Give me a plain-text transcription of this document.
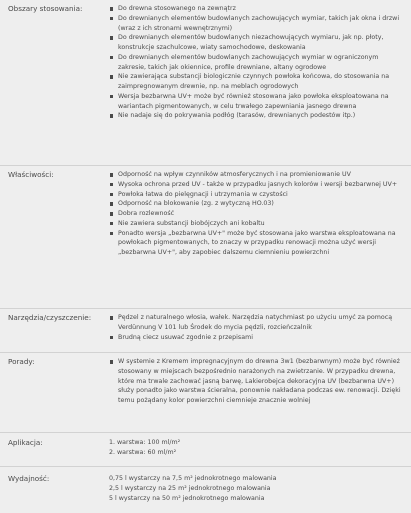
Obszary stosowania:	Do drewna stosowanego na zewnątrz
Do drewnianych elementów budowlanych zachowujących wymiar, takich jak okna i drzwi (wraz z ich stronami wewnętrznymi)
Do drewnianych elementów budowlanych niezachowujących wymiaru, jak np. płoty, konstrukcje szachulcowe, wiaty samochodowe, deskowania
Do drewnianych elementów budowlanych zachowujących wymiar w ograniczonym zakresie, takich jak okiennice, profile drewniane, altany ogrodowe
Nie zawierająca substancji biologicznie czynnych powłoka końcowa, do stosowania na zaimpregnowanym drewnie, np. na meblach ogrodowych
Wersja bezbarwna UV+ może być również stosowana jako powłoka eksploatowana na wariantach pigmentowanych, w celu trwałego zapewniania jasnego drewna
Nie nadaje się do pokrywania podłóg (tarasów, drewnianych podestów itp.)
Właściwości:	Odporność na wpływ czynników atmosferycznych i na promieniowanie UV
Wysoka ochrona przed UV - także w przypadku jasnych kolorów i wersji bezbarwnej UV+
Powłoka łatwa do pielęgnacji i utrzymania w czystości
Odporność na blokowanie (zg. z wytyczną HO.03)
Dobra rozlewność
Nie zawiera substancji biobójczych ani kobaltu
Ponadto wersja „bezbarwna UV+" może być stosowana jako warstwa eksploatowana na powłokach pigmentowanych, to znaczy w przypadku renowacji można użyć wersji „bezbarwna UV+", aby zapobiec dalszemu ciemnieniu powierzchni
Narzędzia/czyszczenie:	Pędzel z naturalnego włosia, wałek. Narzędzia natychmiast po użyciu umyć za pomocą Verdünnung V 101 lub Środek do mycia pędzli, rozcieńczalnik
Brudną ciecz usuwać zgodnie z przepisami
Porady:	W systemie z Kremem impregnacyjnym do drewna 3w1 (bezbarwnym) może być również stosowany w miejscach bezpośrednio narażonych na zwietrzanie. W przypadku drewna, które ma trwale zachować jasną barwę, Lakierobejca dekoracyjna UV (bezbarwna UV+) służy ponadto jako warstwa ścieralna, ponownie nakładana podczas ew. renowacji. Dzięki temu pożądany kolor powierzchni ciemnieje znacznie wolniej
Aplikacja:	1. warstwa: 100 ml/m²

2. warstwa: 60 ml/m²

Wydajność:	0,75 l wystarczy na 7,5 m² jednokrotnego malowania

2,5 l wystarczy na 25 m² jednokrotnego malowania

5 l wystarczy na 50 m² jednokrotnego malowania
